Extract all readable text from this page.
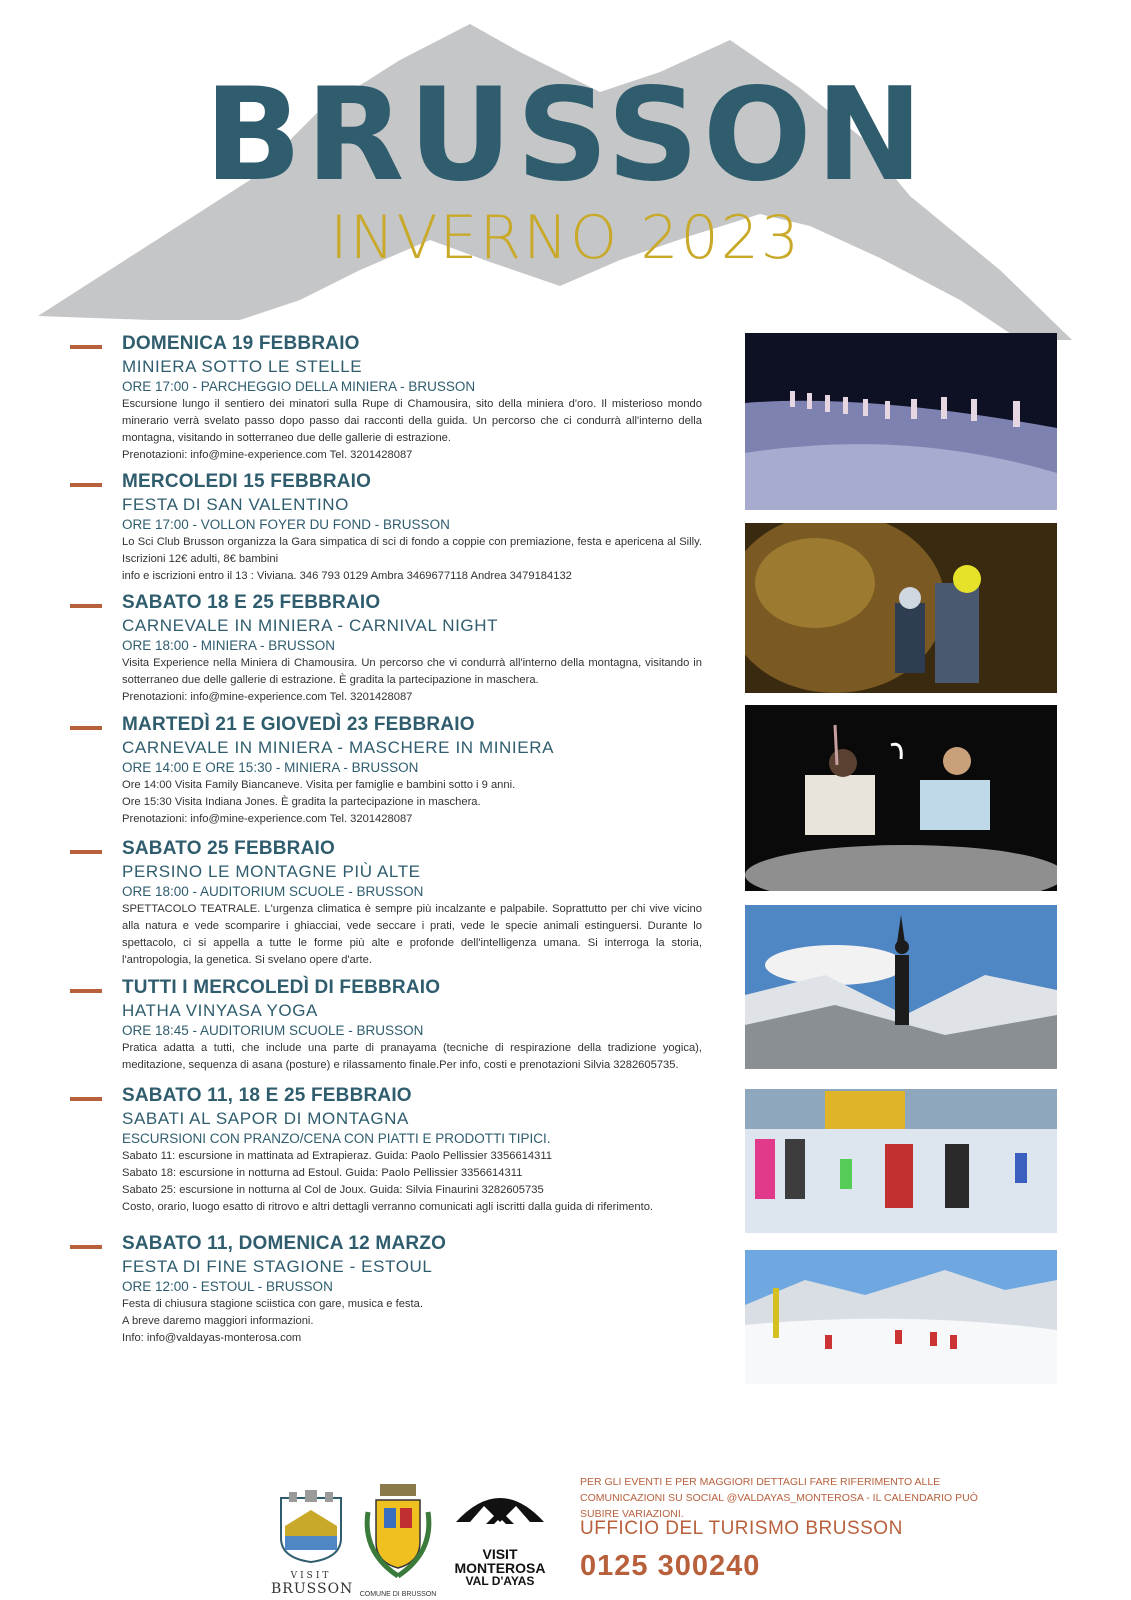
BRUSSON
INVERNO 2023
DOMENICA 19 FEBBRAIO
MINIERA SOTTO LE STELLE
ORE 17:00 - PARCHEGGIO DELLA MINIERA - BRUSSON
Escursione lungo il sentiero dei minatori sulla Rupe di Chamousira, sito della miniera d'oro. Il misterioso mondo minerario verrà svelato passo dopo passo dai racconti della guida. Un percorso che ci condurrà all'interno della montagna, visitando in sotterraneo due delle gallerie di estrazione.
Prenotazioni: info@mine-experience.com Tel. 3201428087
MERCOLEDI 15 FEBBRAIO
FESTA DI SAN VALENTINO
ORE 17:00 - VOLLON FOYER DU FOND - BRUSSON
Lo Sci Club Brusson organizza la Gara simpatica di sci di fondo a coppie con premiazione, festa e apericena al Silly. Iscrizioni 12€ adulti, 8€ bambini
info e iscrizioni entro il 13 : Viviana. 346 793 0129 Ambra 3469677118 Andrea 3479184132
SABATO 18 E 25 FEBBRAIO
CARNEVALE IN MINIERA - CARNIVAL NIGHT
ORE 18:00 - MINIERA - BRUSSON
Visita Experience nella Miniera di Chamousira. Un percorso che vi condurrà all'interno della montagna, visitando in sotterraneo due delle gallerie di estrazione. È gradita la partecipazione in maschera.
Prenotazioni: info@mine-experience.com Tel. 3201428087
MARTEDÌ 21 E GIOVEDÌ 23 FEBBRAIO
CARNEVALE IN MINIERA - MASCHERE IN MINIERA
ORE 14:00 E ORE 15:30 - MINIERA - BRUSSON
Ore 14:00 Visita Family Biancaneve. Visita per famiglie e bambini sotto i 9 anni.
Ore 15:30 Visita Indiana Jones. È gradita la partecipazione in maschera.
Prenotazioni: info@mine-experience.com Tel. 3201428087
SABATO 25 FEBBRAIO
PERSINO LE MONTAGNE PIÙ ALTE
ORE 18:00 - AUDITORIUM SCUOLE - BRUSSON
SPETTACOLO TEATRALE. L'urgenza climatica è sempre più incalzante e palpabile. Soprattutto per chi vive vicino alla natura e vede scomparire i ghiacciai, vede seccare i prati, vede le specie animali estinguersi. Durante lo spettacolo, ci si appella a tutte le forme più alte e profonde dell'intelligenza umana. Si interroga la storia, l'antropologia, la genetica. Si svelano opere d'arte.
TUTTI I MERCOLEDÌ DI FEBBRAIO
HATHA VINYASA YOGA
ORE 18:45 - AUDITORIUM SCUOLE - BRUSSON
Pratica adatta a tutti, che include una parte di pranayama (tecniche di respirazione della tradizione yogica), meditazione, sequenza di asana (posture) e rilassamento finale.Per info, costi e prenotazioni Silvia 3282605735.
SABATO 11, 18 E 25 FEBBRAIO
SABATI AL SAPOR DI MONTAGNA
ESCURSIONI CON PRANZO/CENA CON PIATTI E PRODOTTI TIPICI.
Sabato 11: escursione in mattinata ad Extrapieraz. Guida: Paolo Pellissier 3356614311
Sabato 18: escursione in notturna ad Estoul. Guida: Paolo Pellissier 3356614311
Sabato 25: escursione in notturna al Col de Joux. Guida: Silvia Finaurini 3282605735
Costo, orario, luogo esatto di ritrovo e altri dettagli verranno comunicati agli iscritti dalla guida di riferimento.
SABATO 11, DOMENICA 12 MARZO
FESTA DI FINE STAGIONE - ESTOUL
ORE 12:00 - ESTOUL - BRUSSON
Festa di chiusura stagione sciistica con gare, musica e festa.
A breve daremo maggiori informazioni.
Info: info@valdayas-monterosa.com
VISIT
BRUSSON COMUNE DI BRUSSON
VISIT
MONTEROSA
VAL D'AYAS
PER GLI EVENTI E PER MAGGIORI DETTAGLI FARE RIFERIMENTO ALLE COMUNICAZIONI SU SOCIAL @VALDAYAS_MONTEROSA - IL CALENDARIO PUÒ SUBIRE VARIAZIONI.
UFFICIO DEL TURISMO BRUSSON
0125 300240
